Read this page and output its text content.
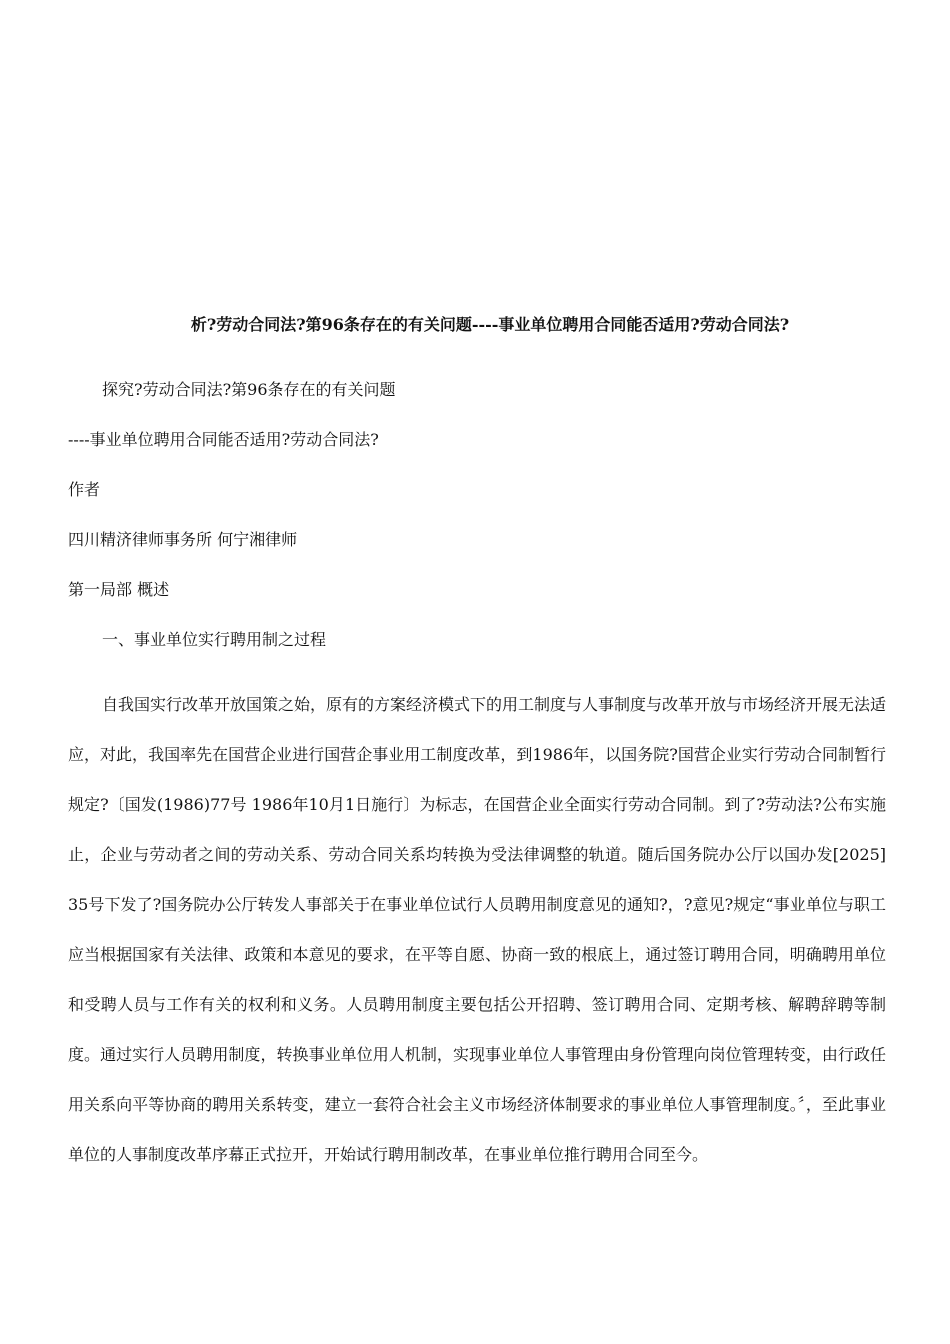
析?劳动合同法?第96条存在的有关问题----事业单位聘用合同能否适用?劳动合同法?
探究?劳动合同法?第96条存在的有关问题
----事业单位聘用合同能否适用?劳动合同法?
作者
四川精济律师事务所 何宁湘律师
第一局部 概述
一、事业单位实行聘用制之过程
自我国实行改革开放国策之始，原有的方案经济模式下的用工制度与人事制度与改革开放与市场经济开展无法适应，对此，我国率先在国营企业进行国营企事业用工制度改革，到1986年，以国务院?国营企业实行劳动合同制暂行规定?〔国发(1986)77号 1986年10月1日施行〕为标志，在国营企业全面实行劳动合同制。到了?劳动法?公布实施止，企业与劳动者之间的劳动关系、劳动合同关系均转换为受法律调整的轨道。随后国务院办公厅以国办发[2025] 35号下发了?国务院办公厅转发人事部关于在事业单位试行人员聘用制度意见的通知?，?意见?规定“事业单位与职工应当根据国家有关法律、政策和本意见的要求，在平等自愿、协商一致的根底上，通过签订聘用合同，明确聘用单位和受聘人员与工作有关的权利和义务。人员聘用制度主要包括公开招聘、签订聘用合同、定期考核、解聘辞聘等制度。通过实行人员聘用制度，转换事业单位用人机制，实现事业单位人事管理由身份管理向岗位管理转变，由行政任用关系向平等协商的聘用关系转变，建立一套符合社会主义市场经济体制要求的事业单位人事管理制度。〞，至此事业单位的人事制度改革序幕正式拉开，开始试行聘用制改革，在事业单位推行聘用合同至今。
